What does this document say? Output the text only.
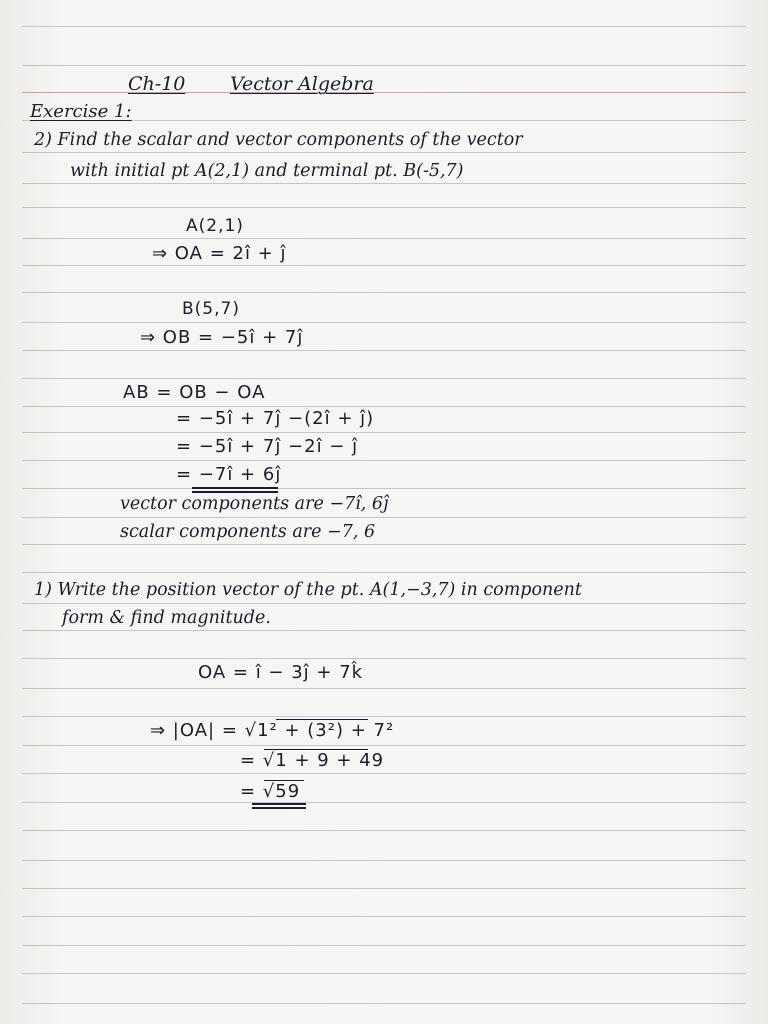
Ch-10 Vector Algebra
Exercise 1:
2) Find the scalar and vector components of the vector
with initial pt A(2,1) and terminal pt. B(-5,7)
A(2,1)
⇒ OA = 2î + ĵ
B(5,7)
⇒ OB = −5î + 7ĵ
AB = OB − OA
= −5î + 7ĵ −(2î + ĵ)
= −5î + 7ĵ −2î − ĵ
= −7î + 6ĵ
vector components are −7î, 6ĵ
scalar components are −7, 6
1) Write the position vector of the pt. A(1,−3,7) in component
form & find magnitude.
OA = î − 3ĵ + 7k̂
⇒ |OA| = √1² + (3²) + 7²
= √1 + 9 + 49
= √59
